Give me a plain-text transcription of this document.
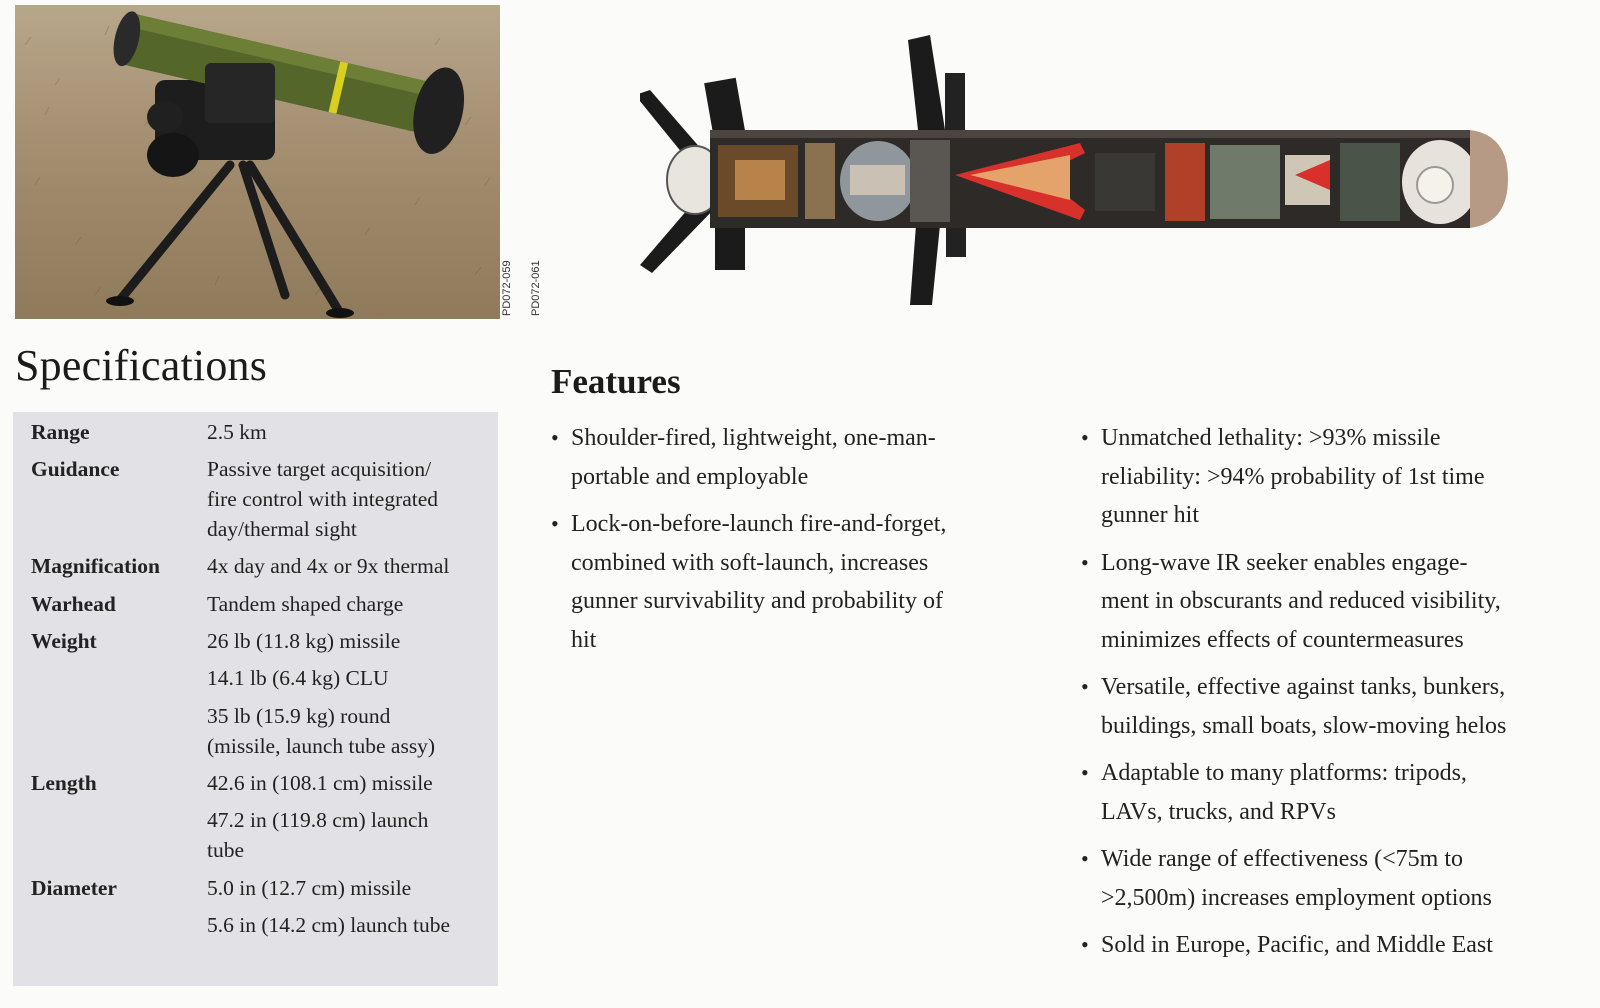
PD072-059 PD072-061
Specifications
Range	2.5 km
Guidance	Passive target acquisition/
fire control with integrated
day/thermal sight
Magnification 4x day and 4x or 9x thermal
Warhead	Tandem shaped charge
Weight	26 lb (11.8 kg) missile
14.1 lb (6.4 kg) CLU
35 lb (15.9 kg) round
(missile, launch tube assy)
Length	42.6 in (108.1 cm) missile
47.2 in (119.8 cm) launch
tube
Diameter	5.0 in (12.7 cm) missile
5.6 in (14.2 cm) launch tube
Features
• Shoulder-fired, lightweight, one-man-
portable and employable
• Lock-on-before-launch fire-and-forget,
combined with soft-launch, increases
gunner survivability and probability of
hit
• Unmatched lethality: >93% missile
reliability: >94% probability of 1st time
gunner hit
• Long-wave IR seeker enables engage-
ment in obscurants and reduced visibility,
minimizes effects of countermeasures
• Versatile, effective against tanks, bunkers,
buildings, small boats, slow-moving helos
• Adaptable to many platforms: tripods,
LAVs, trucks, and RPVs
• Wide range of effectiveness (<75m to
>2,500m) increases employment options
• Sold in Europe, Pacific, and Middle East
